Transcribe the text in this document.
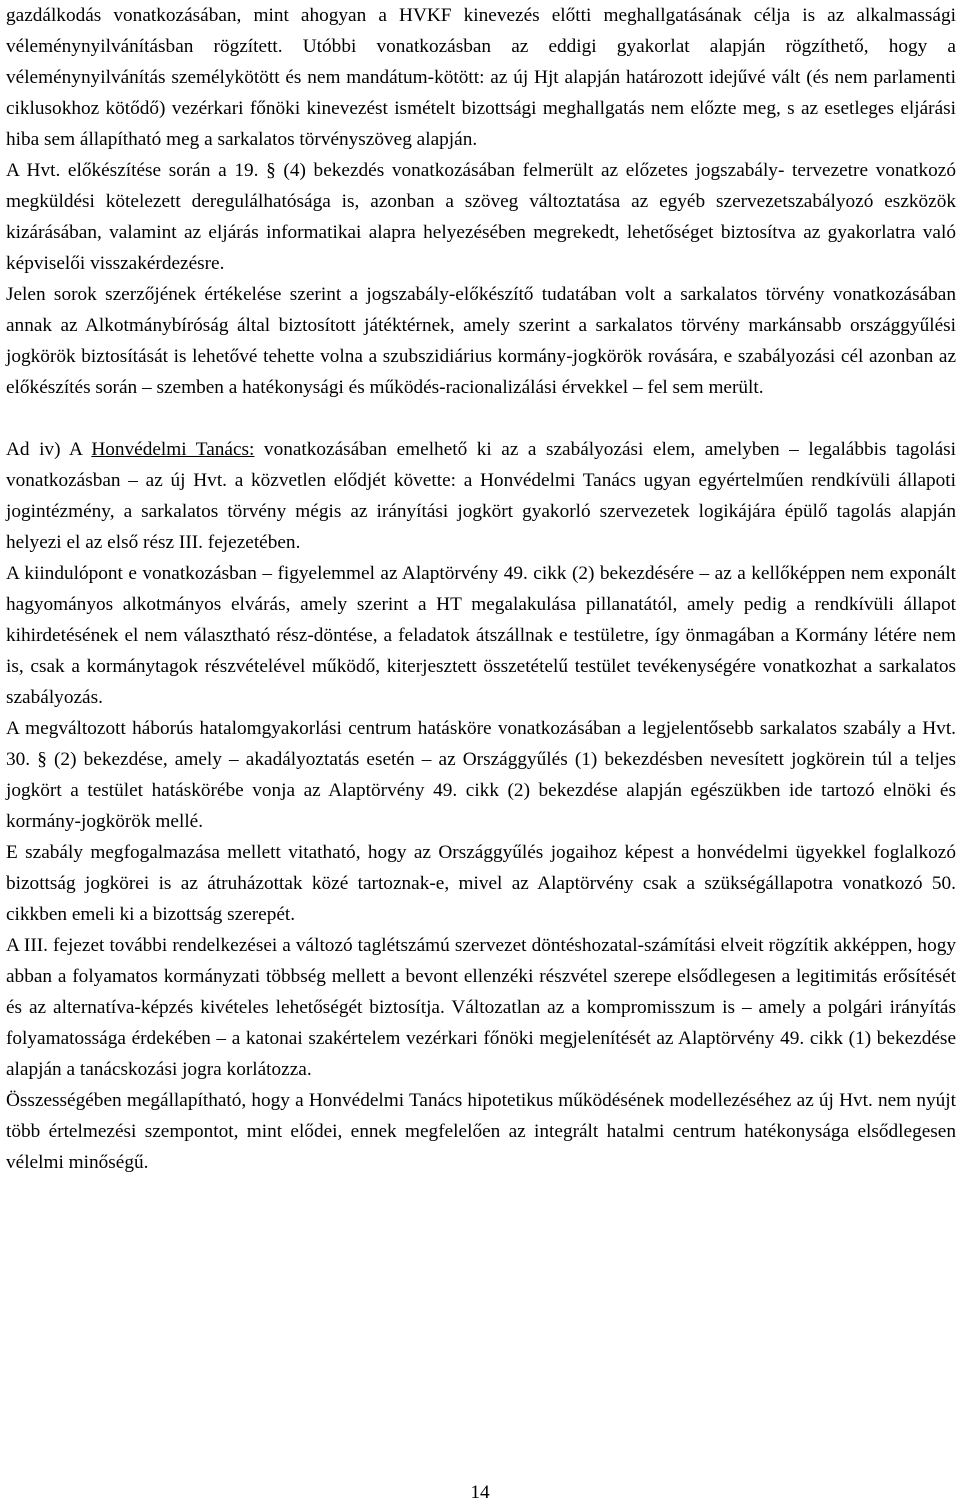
gazdálkodás vonatkozásában, mint ahogyan a HVKF kinevezés előtti meghallgatásának célja is az alkalmassági véleménynyilvánításban rögzített. Utóbbi vonatkozásban az eddigi gyakorlat alapján rögzíthető, hogy a véleménynyilvánítás személykötött és nem mandátum-kötött: az új Hjt alapján határozott idejűvé vált (és nem parlamenti ciklusokhoz kötődő) vezérkari főnöki kinevezést ismételt bizottsági meghallgatás nem előzte meg, s az esetleges eljárási hiba sem állapítható meg a sarkalatos törvényszöveg alapján.

A Hvt. előkészítése során a 19. § (4) bekezdés vonatkozásában felmerült az előzetes jogszabály- tervezetre vonatkozó megküldési kötelezett deregulálhatósága is, azonban a szöveg változtatása az egyéb szervezetszabályozó eszközök kizárásában, valamint az eljárás informatikai alapra helyezésében megrekedt, lehetőséget biztosítva az gyakorlatra való képviselői visszakérdezésre.

Jelen sorok szerzőjének értékelése szerint a jogszabály-előkészítő tudatában volt a sarkalatos törvény vonatkozásában annak az Alkotmánybíróság által biztosított játéktérnek, amely szerint a sarkalatos törvény markánsabb országgyűlési jogkörök biztosítását is lehetővé tehette volna a szubszidiárius kormány-jogkörök rovására, e szabályozási cél azonban az előkészítés során – szemben a hatékonysági és működés-racionalizálási érvekkel – fel sem merült.

Ad iv) A Honvédelmi Tanács: vonatkozásában emelhető ki az a szabályozási elem, amelyben – legalábbis tagolási vonatkozásban – az új Hvt. a közvetlen elődjét követte: a Honvédelmi Tanács ugyan egyértelműen rendkívüli állapoti jogintézmény, a sarkalatos törvény mégis az irányítási jogkört gyakorló szervezetek logikájára épülő tagolás alapján helyezi el az első rész III. fejezetében.

A kiindulópont e vonatkozásban – figyelemmel az Alaptörvény 49. cikk (2) bekezdésére – az a kellőképpen nem exponált hagyományos alkotmányos elvárás, amely szerint a HT megalakulása pillanatától, amely pedig a rendkívüli állapot kihirdetésének el nem választható rész-döntése, a feladatok átszállnak e testületre, így önmagában a Kormány létére nem is, csak a kormánytagok részvételével működő, kiterjesztett összetételű testület tevékenységére vonatkozhat a sarkalatos szabályozás.

A megváltozott háborús hatalomgyakorlási centrum hatásköre vonatkozásában a legjelentősebb sarkalatos szabály a Hvt. 30. § (2) bekezdése, amely – akadályoztatás esetén – az Országgyűlés (1) bekezdésben nevesített jogkörein túl a teljes jogkört a testület hatáskörébe vonja az Alaptörvény 49. cikk (2) bekezdése alapján egészükben ide tartozó elnöki és kormány-jogkörök mellé.

E szabály megfogalmazása mellett vitatható, hogy az Országgyűlés jogaihoz képest a honvédelmi ügyekkel foglalkozó bizottság jogkörei is az átruházottak közé tartoznak-e, mivel az Alaptörvény csak a szükségállapotra vonatkozó 50. cikkben emeli ki a bizottság szerepét.

A III. fejezet további rendelkezései a változó taglétszámú szervezet döntéshozatal-számítási elveit rögzítik akképpen, hogy abban a folyamatos kormányzati többség mellett a bevont ellenzéki részvétel szerepe elsődlegesen a legitimitás erősítését és az alternatíva-képzés kivételes lehetőségét biztosítja. Változatlan az a kompromisszum is – amely a polgári irányítás folyamatossága érdekében – a katonai szakértelem vezérkari főnöki megjelenítését az Alaptörvény 49. cikk (1) bekezdése alapján a tanácskozási jogra korlátozza.

Összességében megállapítható, hogy a Honvédelmi Tanács hipotetikus működésének modellezéséhez az új Hvt. nem nyújt több értelmezési szempontot, mint elődei, ennek megfelelően az integrált hatalmi centrum hatékonysága elsődlegesen vélelmi minőségű.

14
